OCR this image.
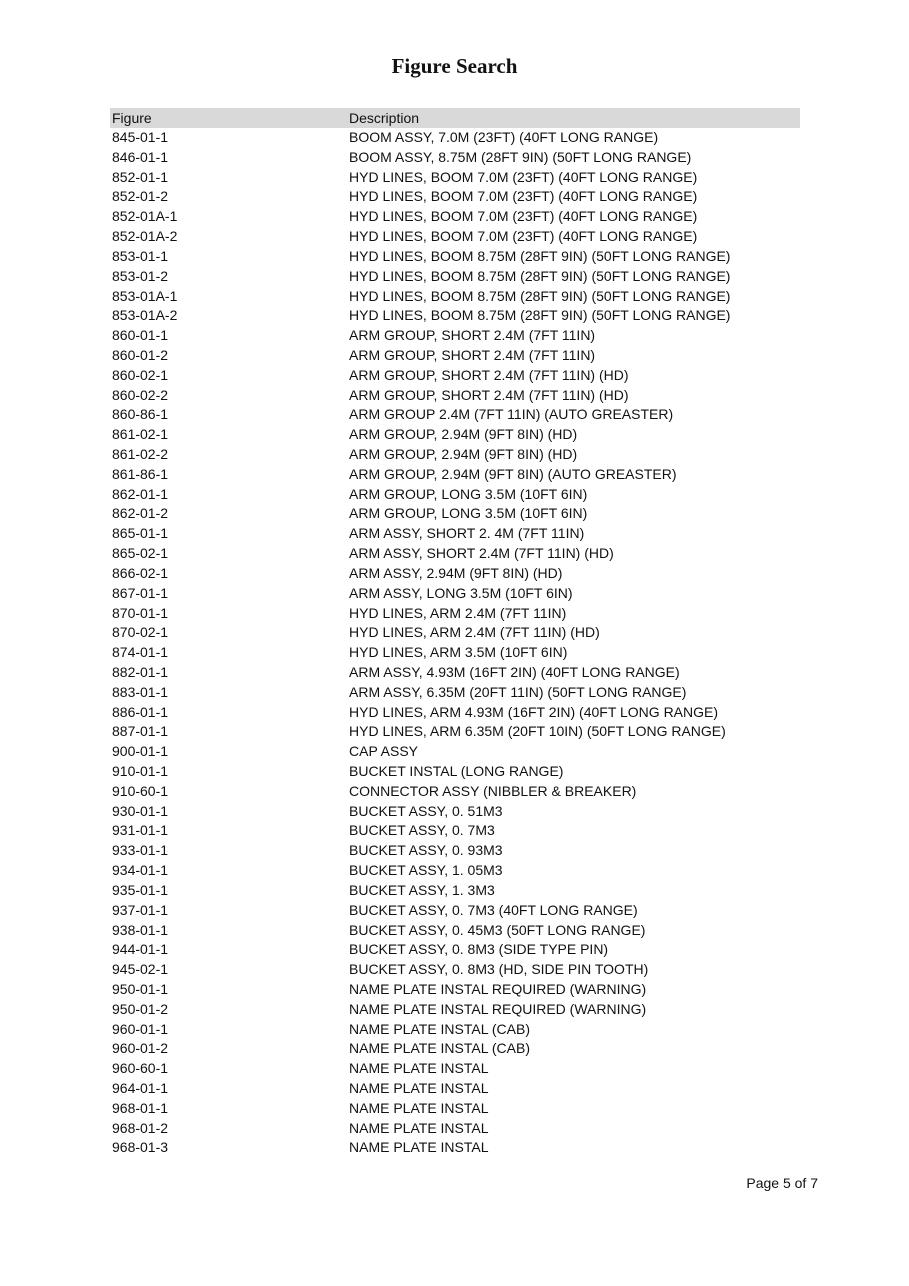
Figure Search
Figure	Description
845-01-1	BOOM ASSY, 7.0M (23FT) (40FT LONG RANGE)
846-01-1	BOOM ASSY, 8.75M (28FT 9IN) (50FT LONG RANGE)
852-01-1	HYD LINES, BOOM 7.0M (23FT) (40FT LONG RANGE)
852-01-2	HYD LINES, BOOM 7.0M (23FT) (40FT LONG RANGE)
852-01A-1	HYD LINES, BOOM 7.0M (23FT) (40FT LONG RANGE)
852-01A-2	HYD LINES, BOOM 7.0M (23FT) (40FT LONG RANGE)
853-01-1	HYD LINES, BOOM 8.75M (28FT 9IN) (50FT LONG RANGE)
853-01-2	HYD LINES, BOOM 8.75M (28FT 9IN) (50FT LONG RANGE)
853-01A-1	HYD LINES, BOOM 8.75M (28FT 9IN) (50FT LONG RANGE)
853-01A-2	HYD LINES, BOOM 8.75M (28FT 9IN) (50FT LONG RANGE)
860-01-1	ARM GROUP, SHORT 2.4M (7FT 11IN)
860-01-2	ARM GROUP, SHORT 2.4M (7FT 11IN)
860-02-1	ARM GROUP, SHORT 2.4M (7FT 11IN) (HD)
860-02-2	ARM GROUP, SHORT 2.4M (7FT 11IN) (HD)
860-86-1	ARM GROUP 2.4M (7FT 11IN) (AUTO GREASTER)
861-02-1	ARM GROUP, 2.94M (9FT 8IN) (HD)
861-02-2	ARM GROUP, 2.94M (9FT 8IN) (HD)
861-86-1	ARM GROUP, 2.94M (9FT 8IN) (AUTO GREASTER)
862-01-1	ARM GROUP, LONG 3.5M (10FT 6IN)
862-01-2	ARM GROUP, LONG 3.5M (10FT 6IN)
865-01-1	ARM ASSY, SHORT 2. 4M (7FT 11IN)
865-02-1	ARM ASSY, SHORT 2.4M (7FT 11IN) (HD)
866-02-1	ARM ASSY, 2.94M (9FT 8IN) (HD)
867-01-1	ARM ASSY, LONG 3.5M (10FT 6IN)
870-01-1	HYD LINES, ARM 2.4M (7FT 11IN)
870-02-1	HYD LINES, ARM 2.4M (7FT 11IN) (HD)
874-01-1	HYD LINES, ARM 3.5M (10FT 6IN)
882-01-1	ARM ASSY, 4.93M (16FT 2IN) (40FT LONG RANGE)
883-01-1	ARM ASSY, 6.35M (20FT 11IN) (50FT LONG RANGE)
886-01-1	HYD LINES, ARM 4.93M (16FT 2IN) (40FT LONG RANGE)
887-01-1	HYD LINES, ARM 6.35M (20FT 10IN) (50FT LONG RANGE)
900-01-1	CAP ASSY
910-01-1	BUCKET INSTAL (LONG RANGE)
910-60-1	CONNECTOR ASSY (NIBBLER & BREAKER)
930-01-1	BUCKET ASSY, 0. 51M3
931-01-1	BUCKET ASSY, 0. 7M3
933-01-1	BUCKET ASSY, 0. 93M3
934-01-1	BUCKET ASSY, 1. 05M3
935-01-1	BUCKET ASSY, 1. 3M3
937-01-1	BUCKET ASSY, 0. 7M3 (40FT LONG RANGE)
938-01-1	BUCKET ASSY, 0. 45M3 (50FT LONG RANGE)
944-01-1	BUCKET ASSY, 0. 8M3 (SIDE TYPE PIN)
945-02-1	BUCKET ASSY, 0. 8M3 (HD, SIDE PIN TOOTH)
950-01-1	NAME PLATE INSTAL REQUIRED (WARNING)
950-01-2	NAME PLATE INSTAL REQUIRED (WARNING)
960-01-1	NAME PLATE INSTAL (CAB)
960-01-2	NAME PLATE INSTAL (CAB)
960-60-1	NAME PLATE INSTAL
964-01-1	NAME PLATE INSTAL
968-01-1	NAME PLATE INSTAL
968-01-2	NAME PLATE INSTAL
968-01-3	NAME PLATE INSTAL
Page 5 of 7
